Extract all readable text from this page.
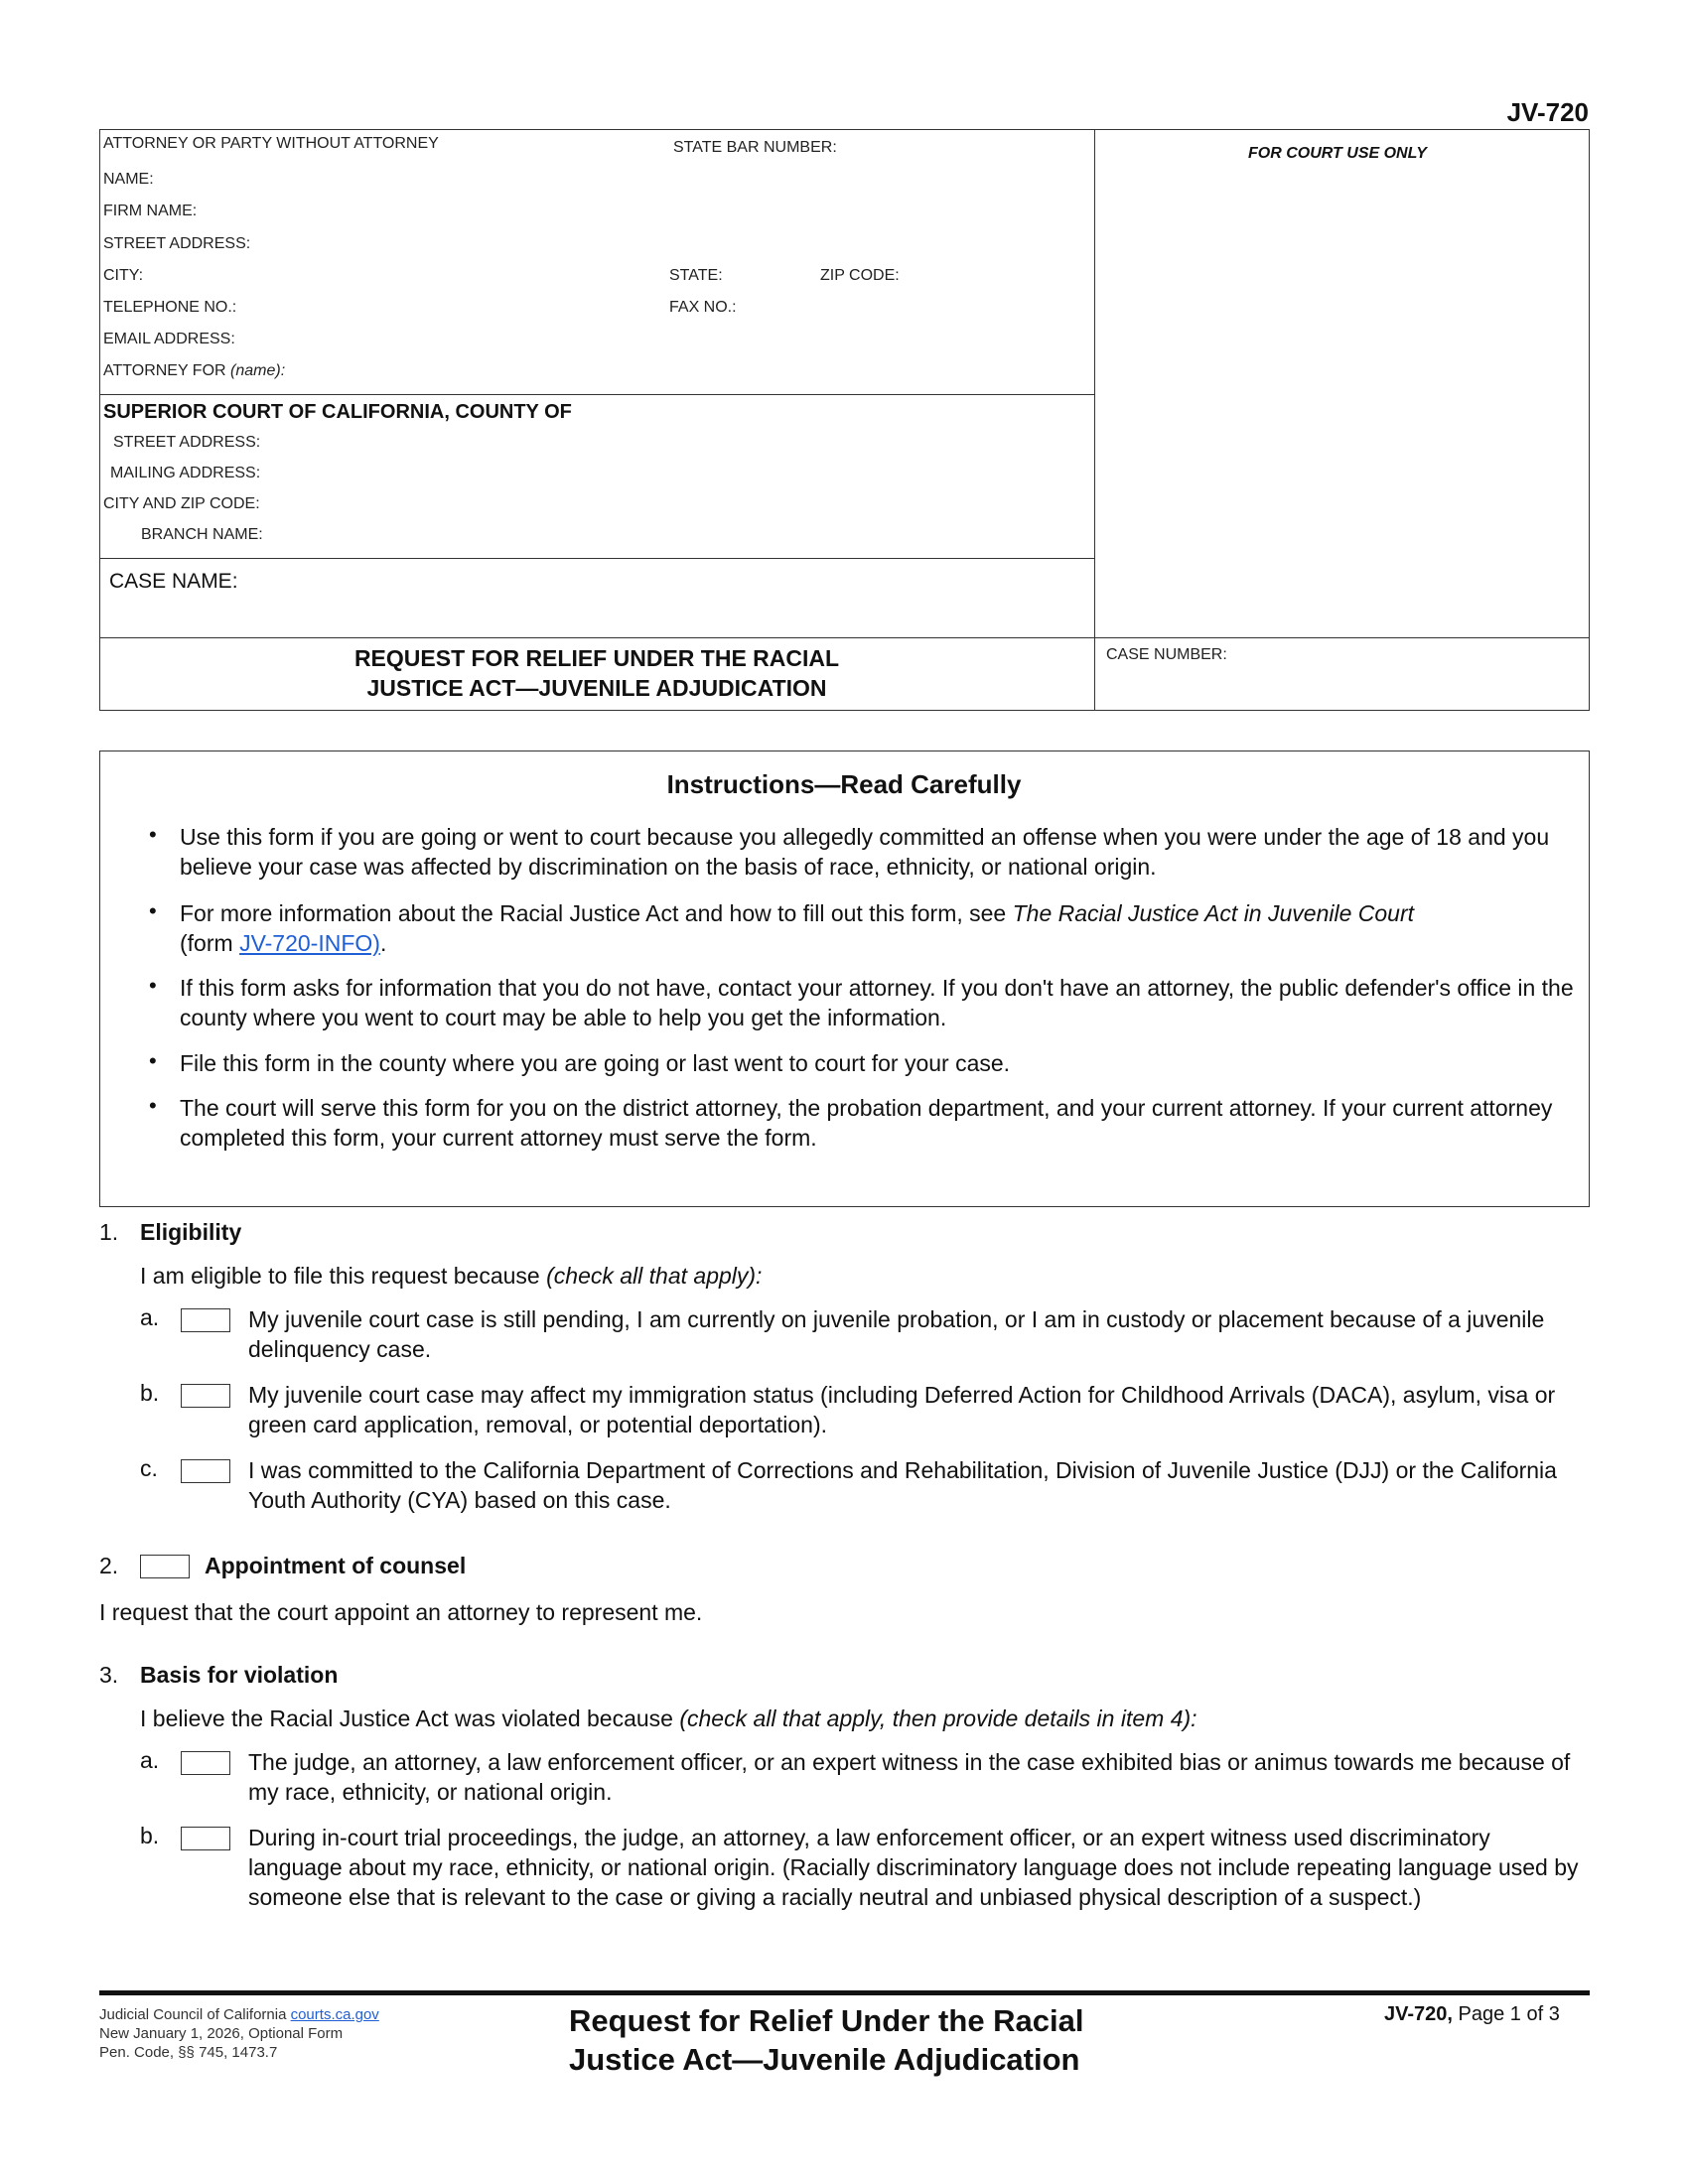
JV-720
ATTORNEY OR PARTY WITHOUT ATTORNEY	STATE BAR NUMBER:	FOR COURT USE ONLY
NAME:
FIRM NAME:
STREET ADDRESS:
CITY:	STATE:	ZIP CODE:
TELEPHONE NO.:	FAX NO.:
EMAIL ADDRESS:
ATTORNEY FOR (name):
SUPERIOR COURT OF CALIFORNIA, COUNTY OF
STREET ADDRESS:
MAILING ADDRESS:
CITY AND ZIP CODE:
BRANCH NAME:
CASE NAME:
REQUEST FOR RELIEF UNDER THE RACIAL
JUSTICE ACT—JUVENILE ADJUDICATION
CASE NUMBER:
Instructions—Read Carefully
•	Use this form if you are going or went to court because you allegedly committed an offense when you were under the age of 18 and you believe your case was affected by discrimination on the basis of race, ethnicity, or national origin.
•	For more information about the Racial Justice Act and how to fill out this form, see The Racial Justice Act in Juvenile Court
(form JV-720-INFO).
•	If this form asks for information that you do not have, contact your attorney. If you don't have an attorney, the public defender's office in the county where you went to court may be able to help you get the information.
•	File this form in the county where you are going or last went to court for your case.
•	The court will serve this form for you on the district attorney, the probation department, and your current attorney. If your current attorney completed this form, your current attorney must serve the form.
1. Eligibility
I am eligible to file this request because (check all that apply):
a.	My juvenile court case is still pending, I am currently on juvenile probation, or I am in custody or placement because of a juvenile delinquency case.
b.	My juvenile court case may affect my immigration status (including Deferred Action for Childhood Arrivals (DACA), asylum, visa or green card application, removal, or potential deportation).
c.	I was committed to the California Department of Corrections and Rehabilitation, Division of Juvenile Justice (DJJ) or the California Youth Authority (CYA) based on this case.
2.	Appointment of counsel
I request that the court appoint an attorney to represent me.
3. Basis for violation
I believe the Racial Justice Act was violated because (check all that apply, then provide details in item 4):
a.	The judge, an attorney, a law enforcement officer, or an expert witness in the case exhibited bias or animus towards me because of my race, ethnicity, or national origin.
b.	During in-court trial proceedings, the judge, an attorney, a law enforcement officer, or an expert witness used discriminatory language about my race, ethnicity, or national origin. (Racially discriminatory language does not include repeating language used by someone else that is relevant to the case or giving a racially neutral and unbiased physical description of a suspect.)
Judicial Council of California courts.ca.gov
New January 1, 2026, Optional Form
Pen. Code, §§ 745, 1473.7
Request for Relief Under the Racial
Justice Act—Juvenile Adjudication
JV-720, Page 1 of 3
